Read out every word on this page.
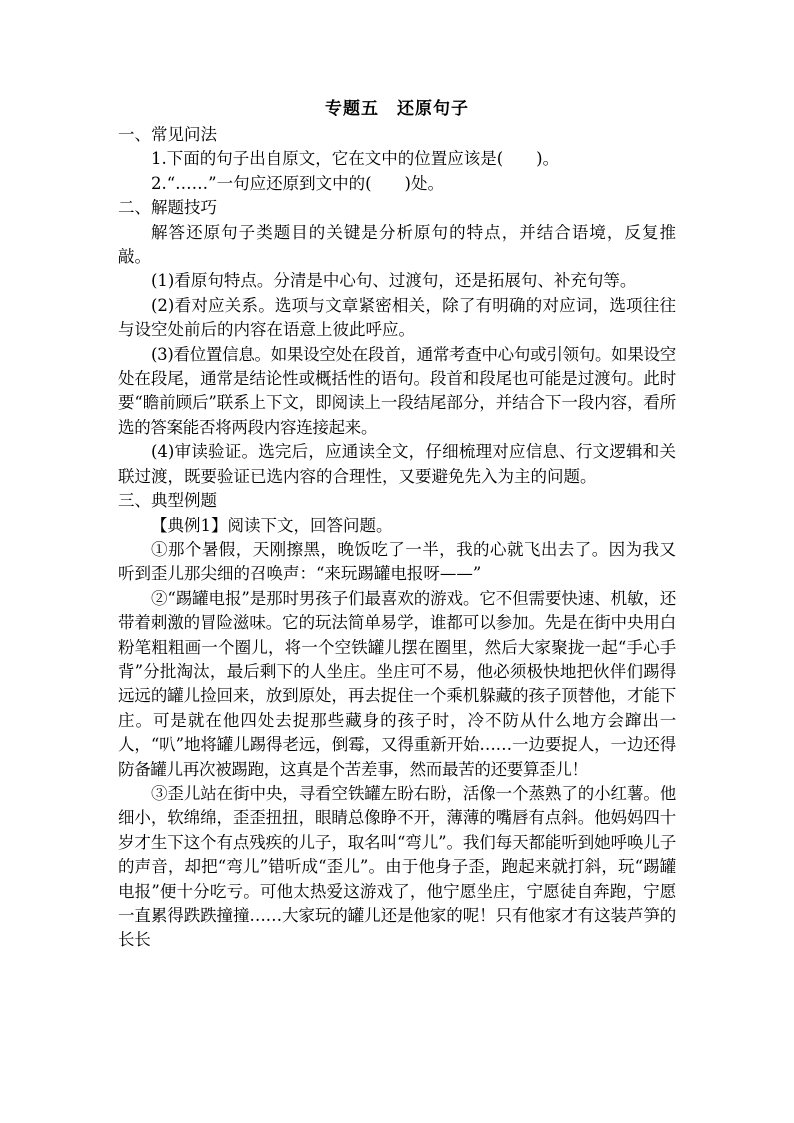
专题五　还原句子

一、常见问法

1.下面的句子出自原文，它在文中的位置应该是(　　)。

2.“……”一句应还原到文中的(　　)处。

二、解题技巧

解答还原句子类题目的关键是分析原句的特点，并结合语境，反复推敲。

(1)看原句特点。分清是中心句、过渡句，还是拓展句、补充句等。

(2)看对应关系。选项与文章紧密相关，除了有明确的对应词，选项往往与设空处前后的内容在语意上彼此呼应。

(3)看位置信息。如果设空处在段首，通常考查中心句或引领句。如果设空处在段尾，通常是结论性或概括性的语句。段首和段尾也可能是过渡句。此时要“瞻前顾后”联系上下文，即阅读上一段结尾部分，并结合下一段内容，看所选的答案能否将两段内容连接起来。

(4)审读验证。选完后，应通读全文，仔细梳理对应信息、行文逻辑和关联过渡，既要验证已选内容的合理性，又要避免先入为主的问题。

三、典型例题

【典例1】阅读下文，回答问题。

①那个暑假，天刚擦黑，晚饭吃了一半，我的心就飞出去了。因为我又听到歪儿那尖细的召唤声：“来玩踢罐电报呀——”

②“踢罐电报”是那时男孩子们最喜欢的游戏。它不但需要快速、机敏，还带着刺激的冒险滋味。它的玩法简单易学，谁都可以参加。先是在街中央用白粉笔粗粗画一个圈儿，将一个空铁罐儿摆在圈里，然后大家聚拢一起“手心手背”分批淘汰，最后剩下的人坐庄。坐庄可不易，他必须极快地把伙伴们踢得远远的罐儿捡回来，放到原处，再去捉住一个乘机躲藏的孩子顶替他，才能下庄。可是就在他四处去捉那些藏身的孩子时，冷不防从什么地方会蹿出一人，“叭”地将罐儿踢得老远，倒霉，又得重新开始……一边要捉人，一边还得防备罐儿再次被踢跑，这真是个苦差事，然而最苦的还要算歪儿！

③歪儿站在街中央，寻看空铁罐左盼右盼，活像一个蒸熟了的小红薯。他细小，软绵绵，歪歪扭扭，眼睛总像睁不开，薄薄的嘴唇有点斜。他妈妈四十岁才生下这个有点残疾的儿子，取名叫“弯儿”。我们每天都能听到她呼唤儿子的声音，却把“弯儿”错听成“歪儿”。由于他身子歪，跑起来就打斜，玩“踢罐电报”便十分吃亏。可他太热爱这游戏了，他宁愿坐庄，宁愿徒自奔跑，宁愿一直累得跌跌撞撞……大家玩的罐儿还是他家的呢！只有他家才有这装芦笋的长长
